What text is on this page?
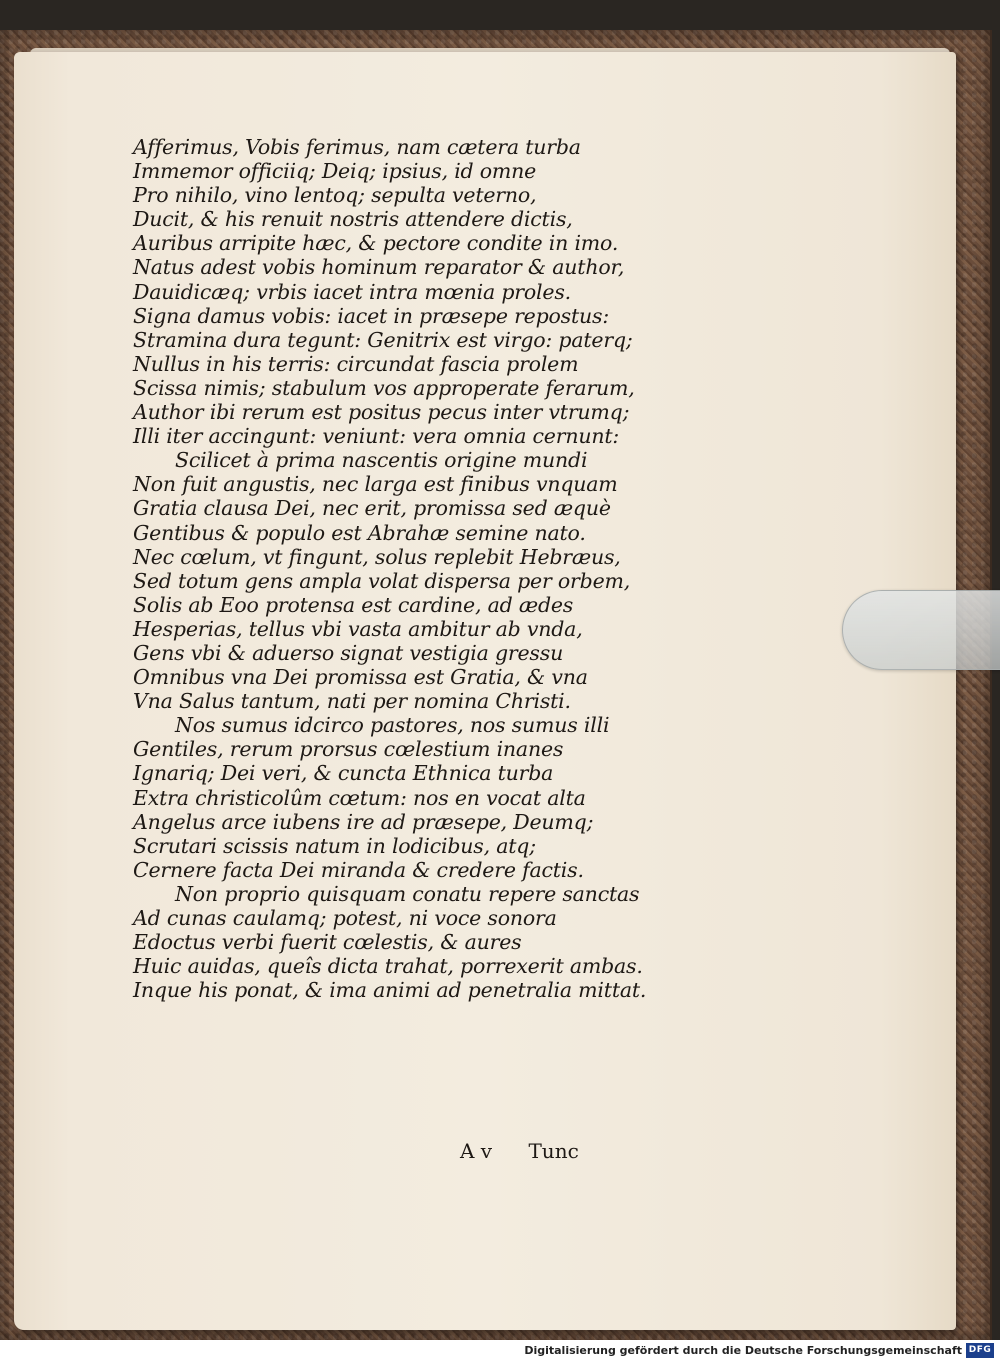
Afferimus, Vobis ferimus, nam cætera turba
Immemor officiiq; Deiq; ipsius, id omne
Pro nihilo, vino lentoq; sepulta veterno,
Ducit, & his renuit nostris attendere dictis,
Auribus arripite hæc, & pectore condite in imo.
Natus adest vobis hominum reparator & author,
Dauidicæq; vrbis iacet intra mœnia proles.
Signa damus vobis: iacet in præsepe repostus:
Stramina dura tegunt: Genitrix est virgo: paterq;
Nullus in his terris: circundat fascia prolem
Scissa nimis; stabulum vos approperate ferarum,
Author ibi rerum est positus pecus inter vtrumq;
Illi iter accingunt: veniunt: vera omnia cernunt:
Scilicet à prima nascentis origine mundi
Non fuit angustis, nec larga est finibus vnquam
Gratia clausa Dei, nec erit, promissa sed æquè
Gentibus & populo est Abrahæ semine nato.
Nec cœlum, vt fingunt, solus replebit Hebræus,
Sed totum gens ampla volat dispersa per orbem,
Solis ab Eoo protensa est cardine, ad ædes
Hesperias, tellus vbi vasta ambitur ab vnda,
Gens vbi & aduerso signat vestigia gressu
Omnibus vna Dei promissa est Gratia, & vna
Vna Salus tantum, nati per nomina Christi.
Nos sumus idcirco pastores, nos sumus illi
Gentiles, rerum prorsus cœlestium inanes
Ignariq; Dei veri, & cuncta Ethnica turba
Extra christicolûm cœtum: nos en vocat alta
Angelus arce iubens ire ad præsepe, Deumq;
Scrutari scissis natum in lodicibus, atq;
Cernere facta Dei miranda & credere factis.
Non proprio quisquam conatu repere sanctas
Ad cunas caulamq; potest, ni voce sonora
Edoctus verbi fuerit cœlestis, & aures
Huic auidas, queîs dicta trahat, porrexerit ambas.
Inque his ponat, & ima animi ad penetralia mittat.
A v Tunc
Digitalisierung gefördert durch die Deutsche Forschungsgemeinschaft DFG
